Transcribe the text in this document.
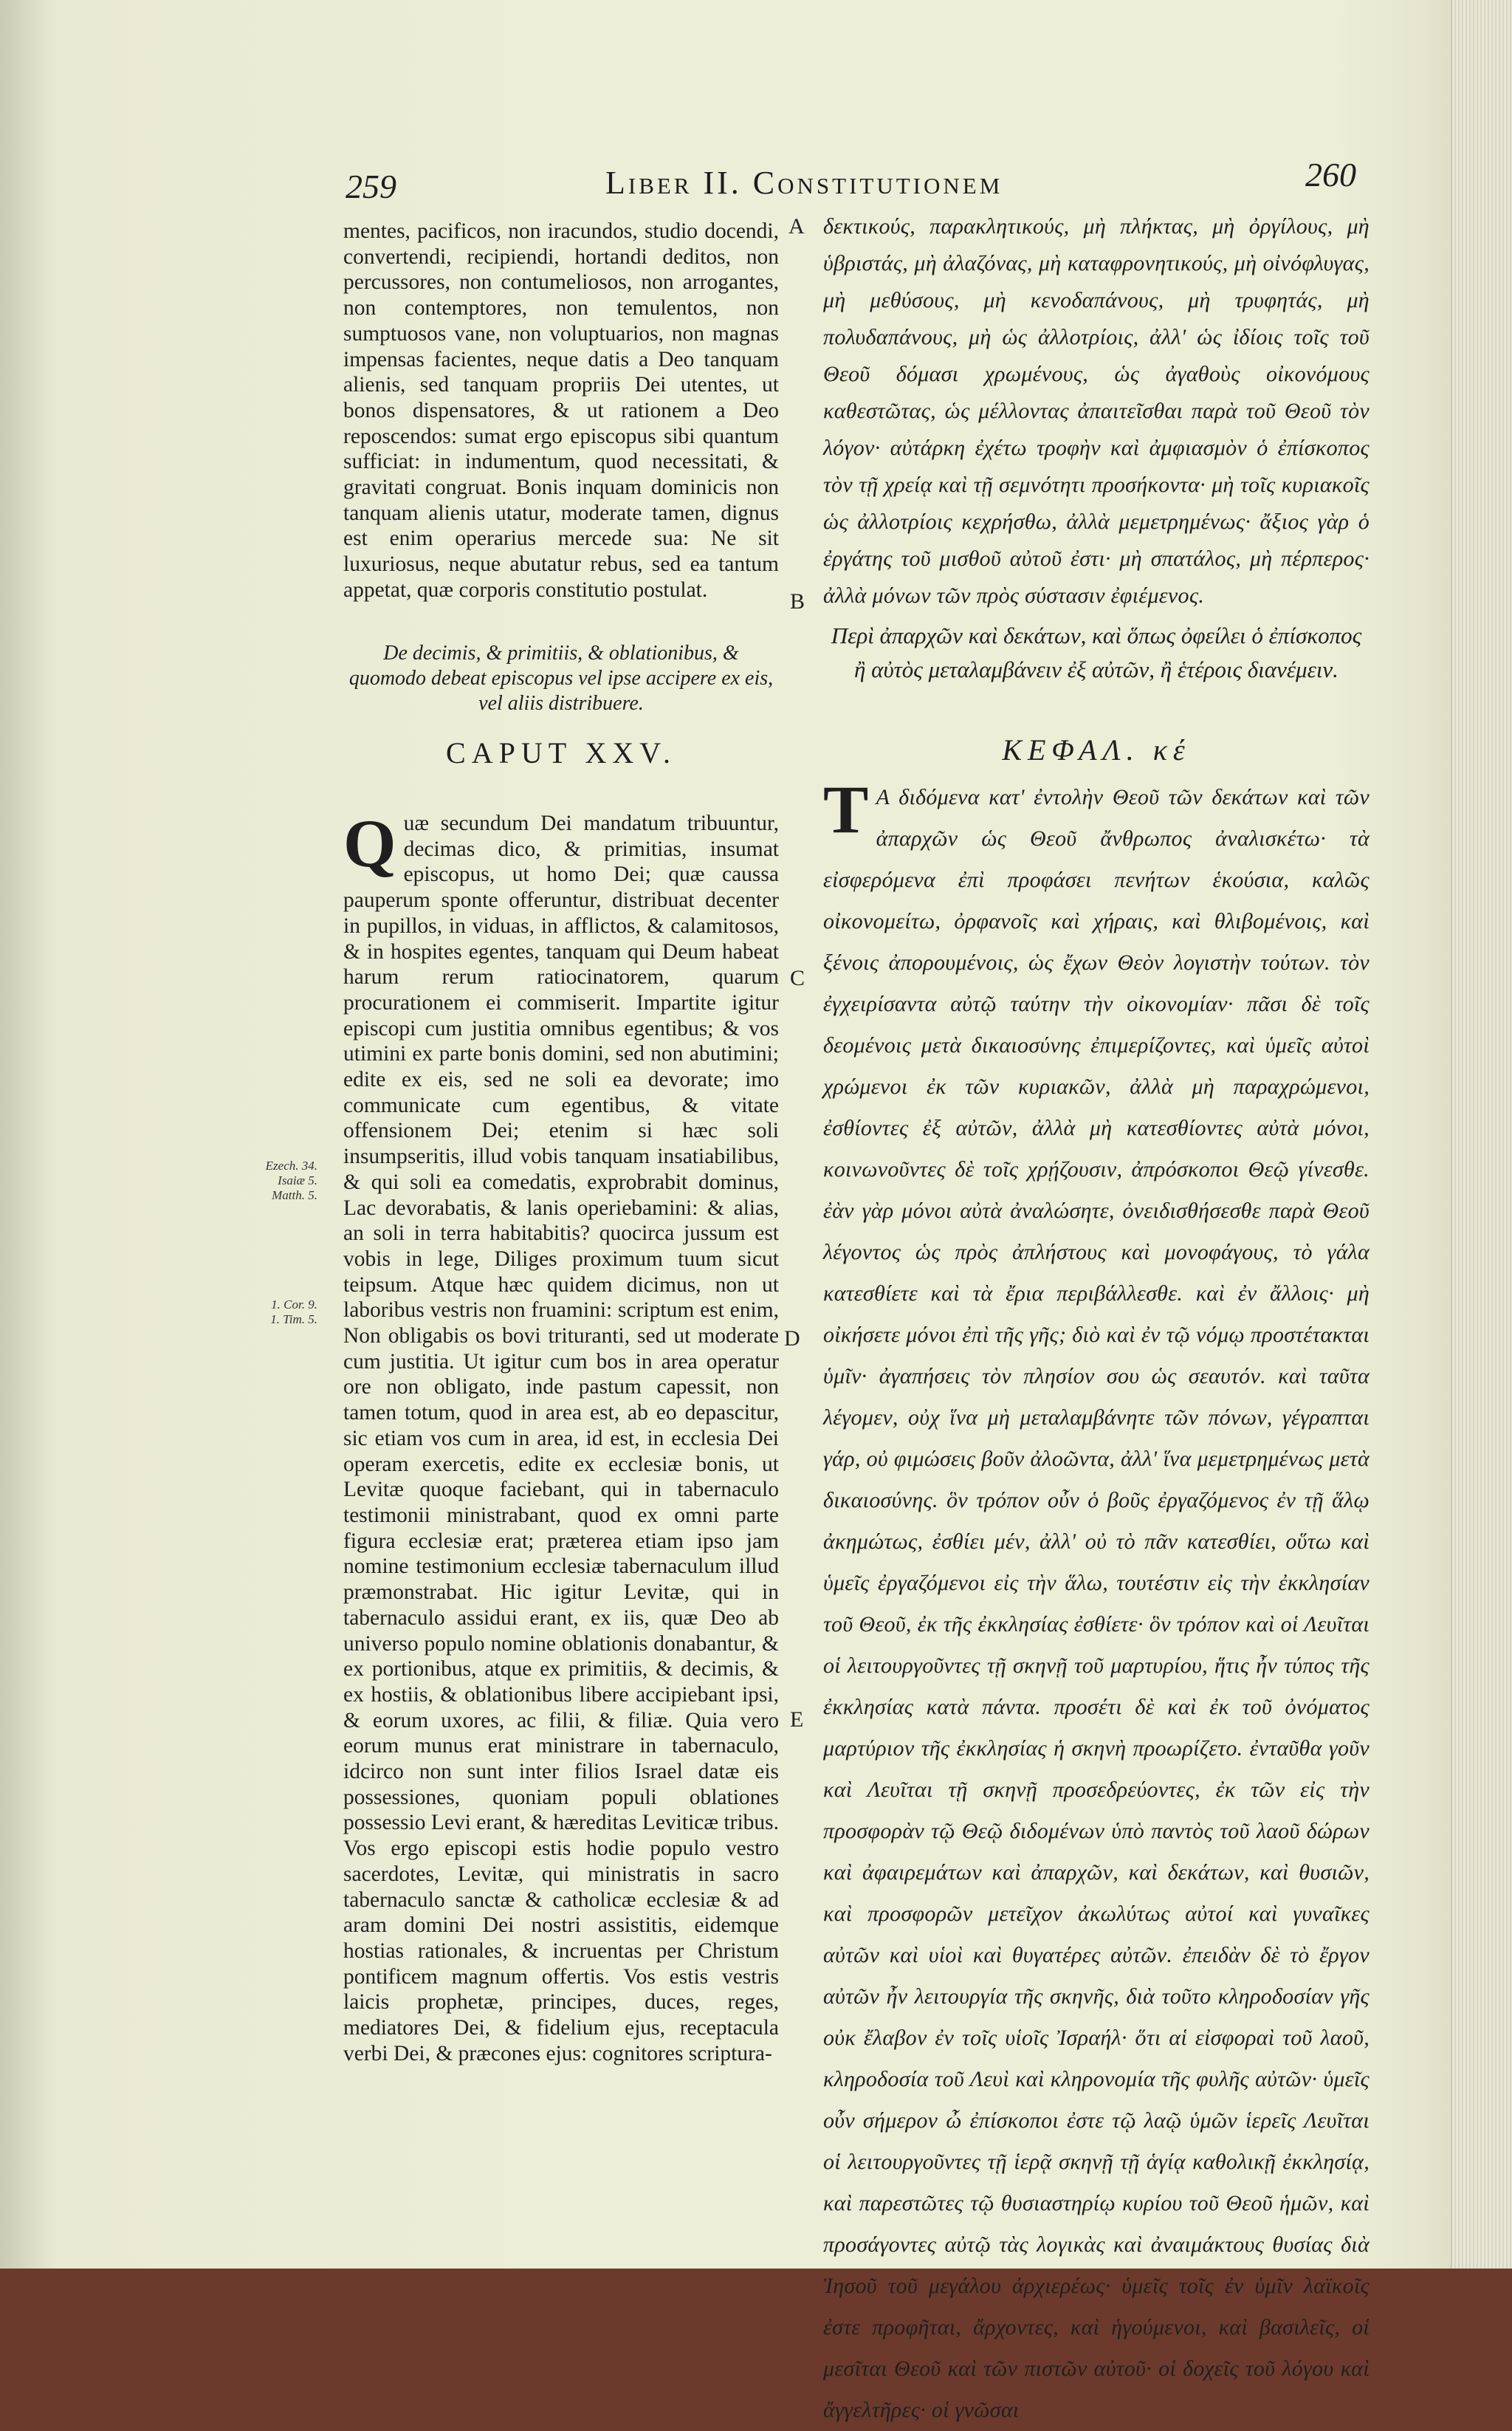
259	Liber II. Constitutionem	260

mentes, pacificos, non iracundos, studio docendi, convertendi, recipiendi, hortandi deditos, non percussores, non contumeliosos, non arrogantes, non contemptores, non temulentos, non sumptuosos vane, non voluptuarios, non magnas impensas facientes, neque datis a Deo tanquam alienis, sed tanquam propriis Dei utentes, ut bonos dispensatores, & ut rationem a Deo reposcendos: sumat ergo episcopus sibi quantum sufficiat: in indumentum, quod necessitati, & gravitati congruat. Bonis inquam dominicis non tanquam alienis utatur, moderate tamen, dignus est enim operarius mercede sua: Ne sit luxuriosus, neque abutatur rebus, sed ea tantum appetat, quæ corporis constitutio postulat.

δεκτικούς, παρακλητικούς, μὴ πλήκτας, μὴ ὀργίλους, μὴ ὑβριστάς, μὴ ἀλαζόνας, μὴ καταφρονητικούς, μὴ οἰνόφλυγας, μὴ μεθύσους, μὴ κενοδαπάνους, μὴ τρυφητάς, μὴ πολυδαπάνους, μὴ ὡς ἀλλοτρίοις, ἀλλ' ὡς ἰδίοις τοῖς τοῦ Θεοῦ δόμασι χρωμένους, ὡς ἀγαθοὺς οἰκονόμους καθεστῶτας, ὡς μέλλοντας ἀπαιτεῖσθαι παρὰ τοῦ Θεοῦ τὸν λόγον· αὐτάρκη ἐχέτω τροφὴν καὶ ἀμφιασμὸν ὁ ἐπίσκοπος τὸν τῇ χρείᾳ καὶ τῇ σεμνότητι προσήκοντα· μὴ τοῖς κυριακοῖς ὡς ἀλλοτρίοις κεχρήσθω, ἀλλὰ μεμετρημένως· ἄξιος γὰρ ὁ ἐργάτης τοῦ μισθοῦ αὐτοῦ ἐστι· μὴ σπατάλος, μὴ πέρπερος· ἀλλὰ μόνων τῶν πρὸς σύστασιν ἐφιέμενος.

De decimis, & primitiis, & oblationibus, & quomodo debeat episcopus vel ipse accipere ex eis, vel aliis distribuere.
Περὶ ἀπαρχῶν καὶ δεκάτων, καὶ ὅπως ὀφείλει ὁ ἐπίσκοπος ἢ αὐτὸς μεταλαμβάνειν ἐξ αὐτῶν, ἢ ἑτέροις διανέμειν.
CAPUT XXV.	ΚΕΦΑΛ. κέ
Q uæ secundum Dei mandatum tribuuntur, decimas dico, & primitias, insumat episcopus, ut homo Dei; quæ caussa pauperum sponte offeruntur, distribuat decenter in pupillos, in viduas, in afflictos, & calamitosos, & in hospites egentes, tanquam qui Deum habeat harum rerum ratiocinatorem, quarum procurationem ei commiserit. Impartite igitur episcopi cum justitia omnibus egentibus; & vos utimini ex parte bonis domini, sed non abutimini; edite ex eis, sed ne soli ea devorate; imo communicate cum egentibus, & vitate offensionem Dei; etenim si hæc soli insumpseritis, illud vobis tanquam insatiabilibus, & qui soli ea comedatis, exprobrabit dominus, Lac devorabatis, & lanis operiebamini: & alias, an soli in terra habitabitis? quocirca jussum est vobis in lege, Diliges proximum tuum sicut teipsum. Atque hæc quidem dicimus, non ut laboribus vestris non fruamini: scriptum est enim, Non obligabis os bovi trituranti, sed ut moderate cum justitia. Ut igitur cum bos in area operatur ore non obligato, inde pastum capessit, non tamen totum, quod in area est, ab eo depascitur, sic etiam vos cum in area, id est, in ecclesia Dei operam exercetis, edite ex ecclesiæ bonis, ut Levitæ quoque faciebant, qui in tabernaculo testimonii ministrabant, quod ex omni parte figura ecclesiæ erat; præterea etiam ipso jam nomine testimonium ecclesiæ tabernaculum illud præmonstrabat. Hic igitur Levitæ, qui in tabernaculo assidui erant, ex iis, quæ Deo ab universo populo nomine oblationis donabantur, & ex portionibus, atque ex primitiis, & decimis, & ex hostiis, & oblationibus libere accipiebant ipsi, & eorum uxores, ac filii, & filiæ. Quia vero eorum munus erat ministrare in tabernaculo, idcirco non sunt inter filios Israel datæ eis possessiones, quoniam populi oblationes possessio Levi erant, & hæreditas Leviticæ tribus. Vos ergo episcopi estis hodie populo vestro sacerdotes, Levitæ, qui ministratis in sacro tabernaculo sanctæ & catholicæ ecclesiæ & ad aram domini Dei nostri assistitis, eidemque hostias rationales, & incruentas per Christum pontificem magnum offertis. Vos estis vestris laicis prophetæ, principes, duces, reges, mediatores Dei, & fidelium ejus, receptacula verbi Dei, & præcones ejus: cognitores scriptura-

Τ Α διδόμενα κατ' ἐντολὴν Θεοῦ τῶν δεκάτων καὶ τῶν ἀπαρχῶν ὡς Θεοῦ ἄνθρωπος ἀναλισκέτω· τὰ εἰσφερόμενα ἐπὶ προφάσει πενήτων ἑκούσια, καλῶς οἰκονομείτω, ὀρφανοῖς καὶ χήραις, καὶ θλιβομένοις, καὶ ξένοις ἀπορουμένοις, ὡς ἔχων Θεὸν λογιστὴν τούτων. τὸν ἐγχειρίσαντα αὐτῷ ταύτην τὴν οἰκονομίαν· πᾶσι δὲ τοῖς δεομένοις μετὰ δικαιοσύνης ἐπιμερίζοντες, καὶ ὑμεῖς αὐτοὶ χρώμενοι ἐκ τῶν κυριακῶν, ἀλλὰ μὴ παραχρώμενοι, ἐσθίοντες ἐξ αὐτῶν, ἀλλὰ μὴ κατεσθίοντες αὐτὰ μόνοι, κοινωνοῦντες δὲ τοῖς χρῄζουσιν, ἀπρόσκοποι Θεῷ γίνεσθε. ἐὰν γὰρ μόνοι αὐτὰ ἀναλώσητε, ὀνειδισθήσεσθε παρὰ Θεοῦ λέγοντος ὡς πρὸς ἀπλήστους καὶ μονοφάγους, τὸ γάλα κατεσθίετε καὶ τὰ ἔρια περιβάλλεσθε. καὶ ἐν ἄλλοις· μὴ οἰκήσετε μόνοι ἐπὶ τῆς γῆς; διὸ καὶ ἐν τῷ νόμῳ προστέτακται ὑμῖν· ἀγαπήσεις τὸν πλησίον σου ὡς σεαυτόν. καὶ ταῦτα λέγομεν, οὐχ ἵνα μὴ μεταλαμβάνητε τῶν πόνων, γέγραπται γάρ, οὐ φιμώσεις βοῦν ἀλοῶντα, ἀλλ' ἵνα μεμετρημένως μετὰ δικαιοσύνης. ὃν τρόπον οὖν ὁ βοῦς ἐργαζόμενος ἐν τῇ ἅλῳ ἀκημώτως, ἐσθίει μέν, ἀλλ' οὐ τὸ πᾶν κατεσθίει, οὕτω καὶ ὑμεῖς ἐργαζόμενοι εἰς τὴν ἅλω, τουτέστιν εἰς τὴν ἐκκλησίαν τοῦ Θεοῦ, ἐκ τῆς ἐκκλησίας ἐσθίετε· ὃν τρόπον καὶ οἱ Λευῖται οἱ λειτουργοῦντες τῇ σκηνῇ τοῦ μαρτυρίου, ἥτις ἦν τύπος τῆς ἐκκλησίας κατὰ πάντα. προσέτι δὲ καὶ ἐκ τοῦ ὀνόματος μαρτύριον τῆς ἐκκλησίας ἡ σκηνὴ προωρίζετο. ἐνταῦθα γοῦν καὶ Λευῖται τῇ σκηνῇ προσεδρεύοντες, ἐκ τῶν εἰς τὴν προσφορὰν τῷ Θεῷ διδομένων ὑπὸ παντὸς τοῦ λαοῦ δώρων καὶ ἀφαιρεμάτων καὶ ἀπαρχῶν, καὶ δεκάτων, καὶ θυσιῶν, καὶ προσφορῶν μετεῖχον ἀκωλύτως αὐτοί καὶ γυναῖκες αὐτῶν καὶ υἱοὶ καὶ θυγατέρες αὐτῶν. ἐπειδὰν δὲ τὸ ἔργον αὐτῶν ἦν λειτουργία τῆς σκηνῆς, διὰ τοῦτο κληροδοσίαν γῆς οὐκ ἔλαβον ἐν τοῖς υἱοῖς Ἰσραήλ· ὅτι αἱ εἰσφοραὶ τοῦ λαοῦ, κληροδοσία τοῦ Λευὶ καὶ κληρονομία τῆς φυλῆς αὐτῶν· ὑμεῖς οὖν σήμερον ὦ ἐπίσκοποι ἐστε τῷ λαῷ ὑμῶν ἱερεῖς Λευῖται οἱ λειτουργοῦντες τῇ ἱερᾷ σκηνῇ τῇ ἁγίᾳ καθολικῇ ἐκκλησίᾳ, καὶ παρεστῶτες τῷ θυσιαστηρίῳ κυρίου τοῦ Θεοῦ ἡμῶν, καὶ προσάγοντες αὐτῷ τὰς λογικὰς καὶ ἀναιμάκτους θυσίας διὰ Ἰησοῦ τοῦ μεγάλου ἀρχιερέως· ὑμεῖς τοῖς ἐν ὑμῖν λαϊκοῖς ἐστε προφῆται, ἄρχοντες, καὶ ἡγούμενοι, καὶ βασιλεῖς, οἱ μεσῖται Θεοῦ καὶ τῶν πιστῶν αὐτοῦ· οἱ δοχεῖς τοῦ λόγου καὶ ἄγγελτῆρες· οἱ γνῶσαι

A
B
C
D
E
Ezech. 34.
Isaiæ 5.
Matth. 5.
1. Cor. 9.
1. Tim. 5.
